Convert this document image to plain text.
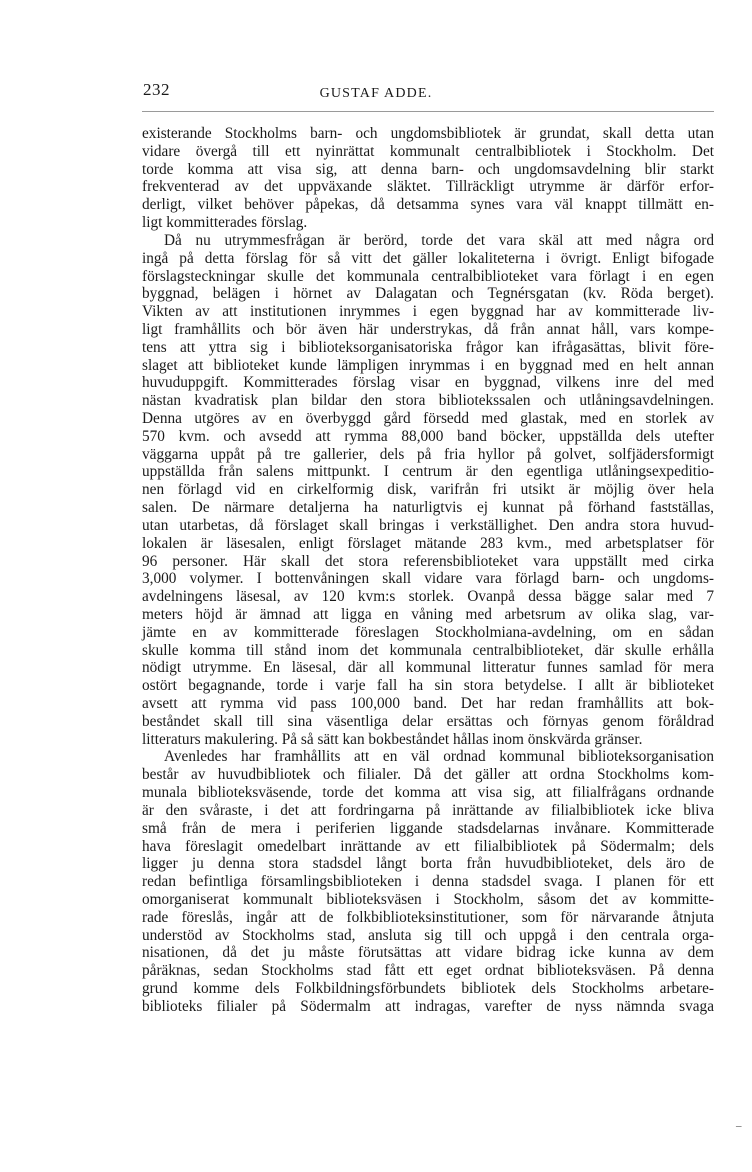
232	GUSTAF ADDE.
existerande Stockholms barn- och ungdomsbibliotek är grundat, skall detta utan
vidare övergå till ett nyinrättat kommunalt centralbibliotek i Stockholm. Det
torde komma att visa sig, att denna barn- och ungdomsavdelning blir starkt
frekventerad av det uppväxande släktet. Tillräckligt utrymme är därför erfor-
derligt, vilket behöver påpekas, då detsamma synes vara väl knappt tillmätt en-
ligt kommitterades förslag.
Då nu utrymmesfrågan är berörd, torde det vara skäl att med några ord
ingå på detta förslag för så vitt det gäller lokaliteterna i övrigt. Enligt bifogade
förslagsteckningar skulle det kommunala centralbiblioteket vara förlagt i en egen
byggnad, belägen i hörnet av Dalagatan och Tegnérsgatan (kv. Röda berget).
Vikten av att institutionen inrymmes i egen byggnad har av kommitterade liv-
ligt framhållits och bör även här understrykas, då från annat håll, vars kompe-
tens att yttra sig i biblioteksorganisatoriska frågor kan ifrågasättas, blivit före-
slaget att biblioteket kunde lämpligen inrymmas i en byggnad med en helt annan
huvuduppgift. Kommitterades förslag visar en byggnad, vilkens inre del med
nästan kvadratisk plan bildar den stora bibliotekssalen och utlåningsavdelningen.
Denna utgöres av en överbyggd gård försedd med glastak, med en storlek av
570 kvm. och avsedd att rymma 88,000 band böcker, uppställda dels utefter
väggarna uppåt på tre gallerier, dels på fria hyllor på golvet, solfjädersformigt
uppställda från salens mittpunkt. I centrum är den egentliga utlåningsexpeditio-
nen förlagd vid en cirkelformig disk, varifrån fri utsikt är möjlig över hela
salen. De närmare detaljerna ha naturligtvis ej kunnat på förhand fastställas,
utan utarbetas, då förslaget skall bringas i verkställighet. Den andra stora huvud-
lokalen är läsesalen, enligt förslaget mätande 283 kvm., med arbetsplatser för
96 personer. Här skall det stora referensbiblioteket vara uppställt med cirka
3,000 volymer. I bottenvåningen skall vidare vara förlagd barn- och ungdoms-
avdelningens läsesal, av 120 kvm:s storlek. Ovanpå dessa bägge salar med 7
meters höjd är ämnad att ligga en våning med arbetsrum av olika slag, var-
jämte en av kommitterade föreslagen Stockholmiana-avdelning, om en sådan
skulle komma till stånd inom det kommunala centralbiblioteket, där skulle erhålla
nödigt utrymme. En läsesal, där all kommunal litteratur funnes samlad för mera
ostört begagnande, torde i varje fall ha sin stora betydelse. I allt är biblioteket
avsett att rymma vid pass 100,000 band. Det har redan framhållits att bok-
beståndet skall till sina väsentliga delar ersättas och förnyas genom föråldrad
litteraturs makulering. På så sätt kan bokbeståndet hållas inom önskvärda gränser.
Avenledes har framhållits att en väl ordnad kommunal biblioteksorganisation
består av huvudbibliotek och filialer. Då det gäller att ordna Stockholms kom-
munala biblioteksväsende, torde det komma att visa sig, att filialfrågans ordnande
är den svåraste, i det att fordringarna på inrättande av filialbibliotek icke bliva
små från de mera i periferien liggande stadsdelarnas invånare. Kommitterade
hava föreslagit omedelbart inrättande av ett filialbibliotek på Södermalm; dels
ligger ju denna stora stadsdel långt borta från huvudbiblioteket, dels äro de
redan befintliga församlingsbiblioteken i denna stadsdel svaga. I planen för ett
omorganiserat kommunalt biblioteksväsen i Stockholm, såsom det av kommitte-
rade föreslås, ingår att de folkbiblioteksinstitutioner, som för närvarande åtnjuta
understöd av Stockholms stad, ansluta sig till och uppgå i den centrala orga-
nisationen, då det ju måste förutsättas att vidare bidrag icke kunna av dem
påräknas, sedan Stockholms stad fått ett eget ordnat biblioteksväsen. På denna
grund komme dels Folkbildningsförbundets bibliotek dels Stockholms arbetare-
biblioteks filialer på Södermalm att indragas, varefter de nyss nämnda svaga
–
